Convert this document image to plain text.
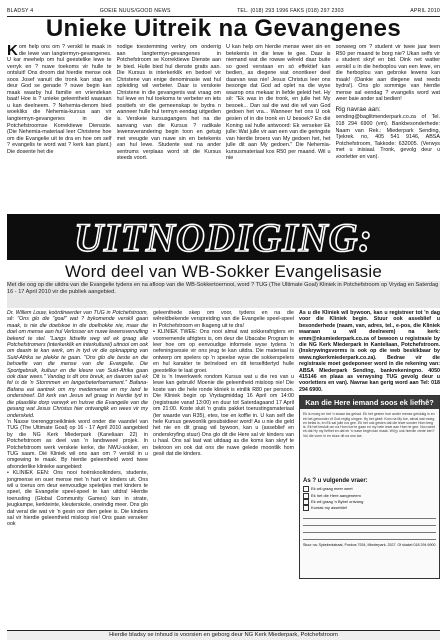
BLADSY 4	GOEIE NUUS/GOOD NEWS	TEL. (018) 293 1996 FAKS (018) 297 2303	APRIL 2010
Unieke Uitreik na Gevangenes
Kom help ons om ? verskil te maak in die lewe van langtermyn-gevangenes. U kar meehelp om hul geestelike lewe te verryk en ? nuwe toekoms vir hulle te ontsluit! Ons droom dat hierdie mense ook soos Josef vanuit die tronk kan stap en deur God se genade ? nuwe begin kan maak waarby hul familie en vriendekan baat! Hoe is ? unieke geleentheid waaraan u kan deelneem. ? Nehemia-denom bied woekliks die Nehemia-kursus aan vir langtermyn-gevangenes in die Potchefstroomse Korrektiewe Diensste. (Die Nehemia-materiaal leer Christene hoe om die Evangelie uit te dra en hoe om self ? evangelis te word wat ? kerk kan plant.) Die dosente het die
nodige toestemming verkry om onderrig aan langtermyn-gevangenes in Potchefstroom se Korrektiewe Dienste aan te bied. Hulle bied hul dienste gratis aan. Die Kursus is interkerklik en bedoel vir Christene van enige denominasie wat hul opleiding wil verbeter. Daar is verskeie Christene in die gevangenis wat vraag om hul lewe en hul toekoms te verbeter en iets positiefs vir die gemeenskap te bydra n wanneer hulle hul termyn eendag uitgedien is. Verskeie kursusgangers het na die aanvang van die Kursus ? radikale lewensverandering begin toon en getuig met vreugde van nuwe sin en betekenis van hul lewe. Studente wat na ander sentrums verplaas word sit die Kursus steeds voort.
U kan help om hierdie mense weer sin en betekenis in die lewe te gee. Daar is niemand wat die rowwe wêreld daar buite so goed verstaan en só effektief kan bedien, as diegene wat onontkeer deel daarvan was nie! Jesus Christus leer ons besonge dat God ad oplet na die wyse waarop ons mekaar in liefde geleid het. Hy sê: "Ek was in die tronk, en julle het My besoek... Dan sal die wat die wil van God gedoen het vra... Wanneer het ons U ook gesien of in die tronk en U besoek? En dié Koning sal hulle antwoord: Ek verseker Ek julle: Wat julle vir aan een van die geringste van hierdie broers van My gedoen het, het julle dit aan My gedoen." Die Nehemia-kursusmateriaal kos R50 per maand. Wil u nie

oorweeg om ? student vir twee jaar teen R50 per maand te borg nie? Ukan selfs vir u student skryf en bid. Dink net watter verskil u in die herboplou van een lewe, en die herboplou van gebroke lewens kan maak! (Dankie aan diegene wat reeds bydra!). Ons glo sommige van hierdie mense sal eendag ? evangelis word wat weer baie ander sal bedien!

Rig navrae aan:
sending@baglitmenderpark.co.za of Tel. 018 294 6900 (vm). Bankbesonderhede: Naam van Rek.: Miederpark Sending, Tjekrek. no, 405 541 9146, ABSA Potchefstroom, Takkode: 632005. (Verwys met u inisiaal. Tronk, gevolg deur u voorletter en van).
UITNODIGING:
Word deel van WB-Sokker Evangelisasie
Met die oog op die uitdra van die Evangelie tydens en na afloop van die WB-Sokkertoernooi, word ? TUG (The Ultimate Goal) Kliniek in Potchefstroom op Vrydag en Saterdag 16 - 17 April 2010 vir die publiek aangebied.

Dr. Willem Louw, koördineerder van TUG in Potchefstroom, sê: "Ons glo die "goal" wat ? bykomende verskil gaan maak, is nie die doelskoe in die doelhokke nie, maar die doel om mense aan hul Verlosser en nuwe lewensvervulling bekend te stel. "Langs Iidselfe weg wil ek graag alle Potchefstromers (interkerklik en interkulturel) uitnooi om ook om daarin te kan werk, om in tyd vir die opknapping van Suid-Afrika se plekke te gaan. "Ons glo die beste en die behoefte van die mense van die Evangelie. Die Sportgebruik, kultuur en die kleure van Suid-Afrika gaan ook daar wees." Vandag is dit ons breuk, en daarom sal ek fel is de 'n Stormmen en langerbeterfoerrament." Bafana-Bafana eai aantrek om my medemense en my land te onderstreef. Dit kerk van Jesus wil graag in hierdie tyd in die plaaslike dorp vanwyk en huisve die Evangelie van die gesang wat Jesus Christus hier ontvanglik en wees vir my onderskeid.

'n Nasse toerenggroeikliniek word onder die vaandel van TUG (The Ultimate Goal) op 16 - 17 April 2010 aangebied by die NG Kerk Miederpark (Kaneliaan 22) in Potchefstroom as deel van 'n landsweeë projek. In Potchefstroom werk verskeie kerke, die NWU-sokker, en TUG saam. Dié Kliniek wil ons aan om ? verskil in u omgewing te maak. By hierdie geleentheid word twee afsonderlike klinieke aangebied:

• KLINIEK EEN: Ons nooi hoërskoolkinders, studente, jongmense en ouer mense met 'n hart vir kinders uit. Ons wil u toerus om deur eenvoudige speletjies met kinders te speel, die Evangelie speel-speel te kan uitdra! Hierdie toerusting (Global Community Games) kan in strate, jeugkampe, kerkteinte, kleuterskole, oneindig meer. Ons glo dat veral die wat vir 'n gesin oor dien gelee is. Die kinders sal vir hierdie geleentheid misloop nie! Ons gaan verseker ook

geleenthede skep om voor, tydens en na die wêreldbekende verspreiding van die Evangelie speel-speel in Potchefstroom en Ikageng uit te dra!

• KLINIEK TWEE: Ons nooi almal wat sokkerafrigters en voornemende afrigters is, om deur die Ubacabe Program te leer hoe om op eenvoudige informele wyse tydens 'n oefeningsessie vir ons jeug te kan uitdra. Die materiaal is ontwerp om spelers op 'n speelse wyse die sokkerspelers en hul karakter te beïnvloed en dit terselfdertyd hulle geestelike te laat groei.

Dit is 'n Inwerkwerk rondom Kursus wat u die res van u lewe kan gebruik! Moenie die geleentheid misloop nie! Die koste van die hele ronde kliniek is eintlik R80 per persoon. Die Kliniek begin op Vrydagmiddag 16 April om 14:00 (registrasie vanaf 13:00) en duur tot Saterdagaand 17 April om 21:00. Koste sluit 'n gratis pakket toerustingsmateriaal (ter waarde van R35), etes, toe en koffie in. U kan self die hele Kursus gewoonlik gesubsidieer word! As u nie die geld het nie en dit graag wil bywoon, kan u (asseblief en onderskryfing stuur) Ons glo dit die Here sal vir kinders van u haal. Ons sal laat wat uitdaag as die koms kan skryf te bekroon en ook dat ons die nuwe gelede moontlik hom gesê dat die kinders.

As u die Kliniek wil bywoon, kan u registreer tot 'n dag voor die Kliniek begin. Stuur ook asseblief u besonderhede (naam, van, adres, tel., e-pos, die Kliniek waaraan u wil deelneem) na kerk: emm@nksmiederpark.co.za of bewoon u registrasie by die NG Kerk Miederpark in Kanteliaan, Potchefstroom. (Inskrywingsvorms is ook op die web beskikbaar by www.ngkerkmiederpark.co.za). Bedrae vir die registrasie moet gedeponeer word in die rekening van: ABSA Miederpark Sending, bankrekeningno. 4050 415146 en plaas as verwysing TUG gevolg deur u voorletters en van). Navrae kan gerig word aan Tel: 018 294 6900.
Kan die Here iemand soos ek liefhê?
Ek is moeg en het 'n swaar las gehad. Ek het gesien hoe ander mense gelukkig is en ek het gewonder of God regtig omgee. Hy het gesê: Kom na My toe, almal wat moeg en belas is, en Ek sal julle rus gee. Ek het ook gesien dat die lewe sonder Hom leeg is. Ek het besluit om na Hom toe te gaan en my hele lewe aan Hom te gee. Nou weet ek dat Hy my liefhet en dat ek 'n nuwe begin kan maak. Wil jy ook hierdie vrede ken? Vul die vorm in en stuur dit na ons toe.
As ? u vulgende vraer:
Ek wil graag meer weet
Ek het die Here aangeneem
Ek wil graag 'n Bybel ontvang
Kontak my asseblief
Stuur na: Sybekerkstraat, Posbus 7934, Miederpark, 2527. Of skakel 018 294 6900
Hierdie bladsy se inhoud is voorsien en geborg deur NG Kerk Miederpark, Potchefstroom
